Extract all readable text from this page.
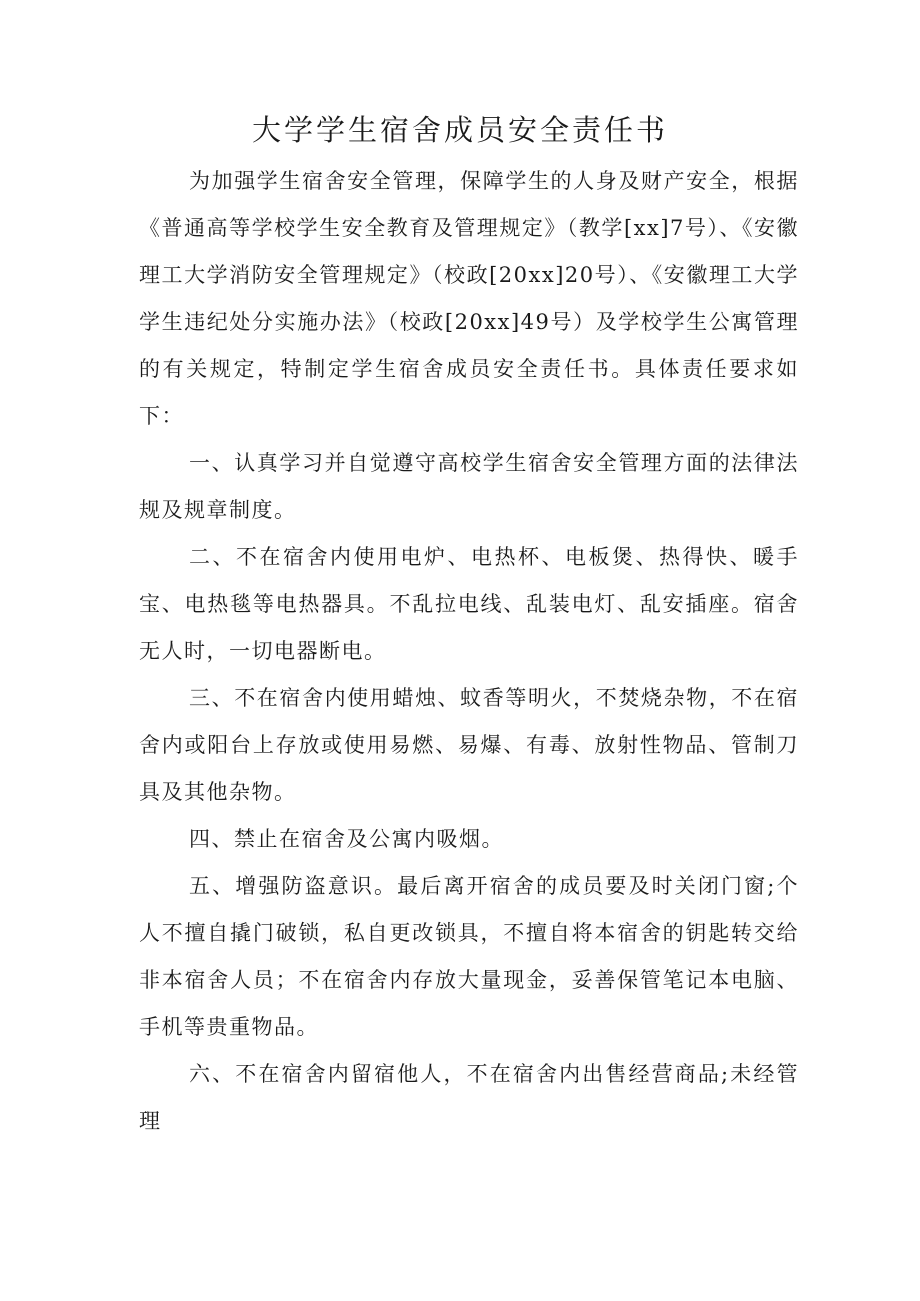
大学学生宿舍成员安全责任书

为加强学生宿舍安全管理，保障学生的人身及财产安全，根据《普通高等学校学生安全教育及管理规定》（教学[xx]7号）、《安徽理工大学消防安全管理规定》（校政[20xx]20号）、《安徽理工大学学生违纪处分实施办法》（校政[20xx]49号）及学校学生公寓管理的有关规定，特制定学生宿舍成员安全责任书。具体责任要求如下：

一、认真学习并自觉遵守高校学生宿舍安全管理方面的法律法规及规章制度。

二、不在宿舍内使用电炉、电热杯、电板煲、热得快、暖手宝、电热毯等电热器具。不乱拉电线、乱装电灯、乱安插座。宿舍无人时，一切电器断电。

三、不在宿舍内使用蜡烛、蚊香等明火，不焚烧杂物，不在宿舍内或阳台上存放或使用易燃、易爆、有毒、放射性物品、管制刀具及其他杂物。

四、禁止在宿舍及公寓内吸烟。

五、增强防盗意识。最后离开宿舍的成员要及时关闭门窗;个人不擅自撬门破锁，私自更改锁具，不擅自将本宿舍的钥匙转交给非本宿舍人员；不在宿舍内存放大量现金，妥善保管笔记本电脑、手机等贵重物品。

六、不在宿舍内留宿他人，不在宿舍内出售经营商品;未经管理
